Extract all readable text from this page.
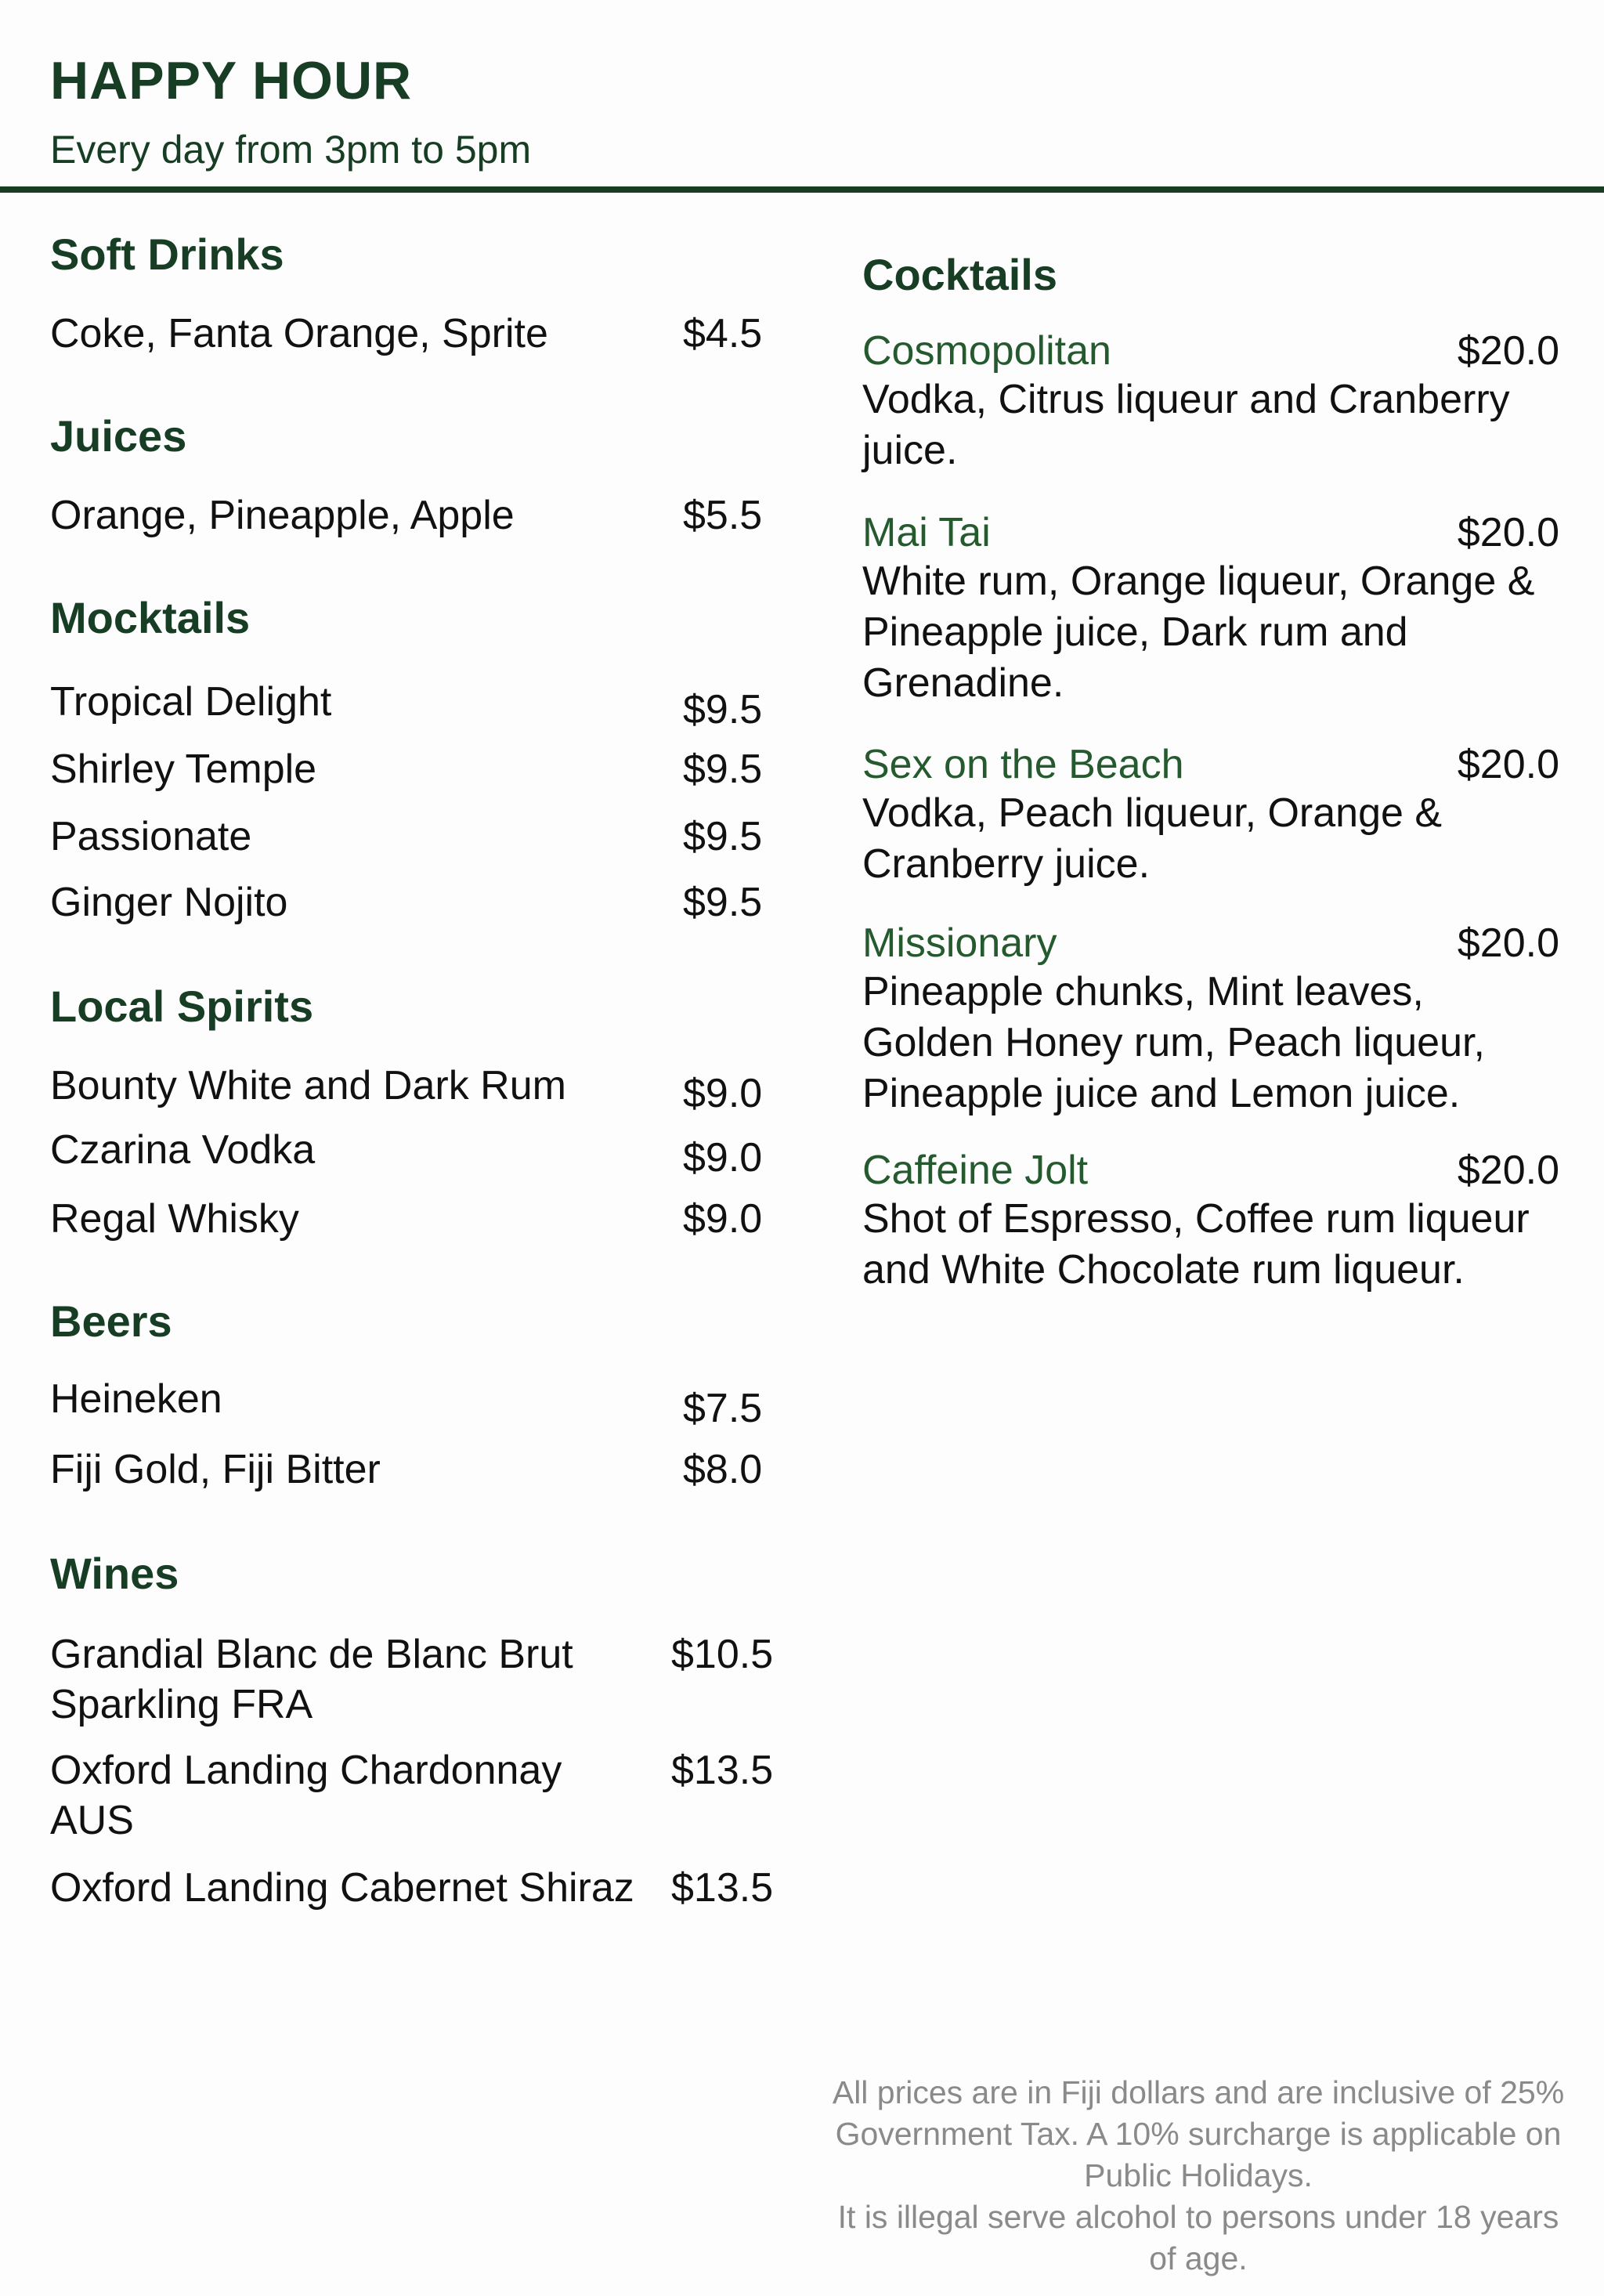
HAPPY HOUR
Every day from 3pm to 5pm
Soft Drinks
Coke, Fanta Orange, Sprite	$4.5
Juices
Orange, Pineapple, Apple	$5.5
Mocktails
Tropical Delight	$9.5
Shirley Temple	$9.5
Passionate	$9.5
Ginger Nojito	$9.5
Local Spirits
Bounty White and Dark Rum	$9.0
Czarina Vodka	$9.0
Regal Whisky	$9.0
Beers
Heineken	$7.5
Fiji Gold, Fiji Bitter	$8.0
Wines
Grandial Blanc de Blanc Brut Sparkling FRA
$10.5
Oxford Landing Chardonnay AUS
$13.5
Oxford Landing Cabernet Shiraz $13.5
Cocktails
Cosmopolitan	$20.0
Vodka, Citrus liqueur and Cranberry juice.
Mai Tai	$20.0
White rum, Orange liqueur, Orange & Pineapple juice, Dark rum and Grenadine.
Sex on the Beach	$20.0
Vodka, Peach liqueur, Orange & Cranberry juice.
Missionary	$20.0
Pineapple chunks, Mint leaves, Golden Honey rum, Peach liqueur, Pineapple juice and Lemon juice.
Caffeine Jolt	$20.0
Shot of Espresso, Coffee rum liqueur and White Chocolate rum liqueur.
All prices are in Fiji dollars and are inclusive of 25% Government Tax. A 10% surcharge is applicable on Public Holidays.
It is illegal serve alcohol to persons under 18 years of age.
